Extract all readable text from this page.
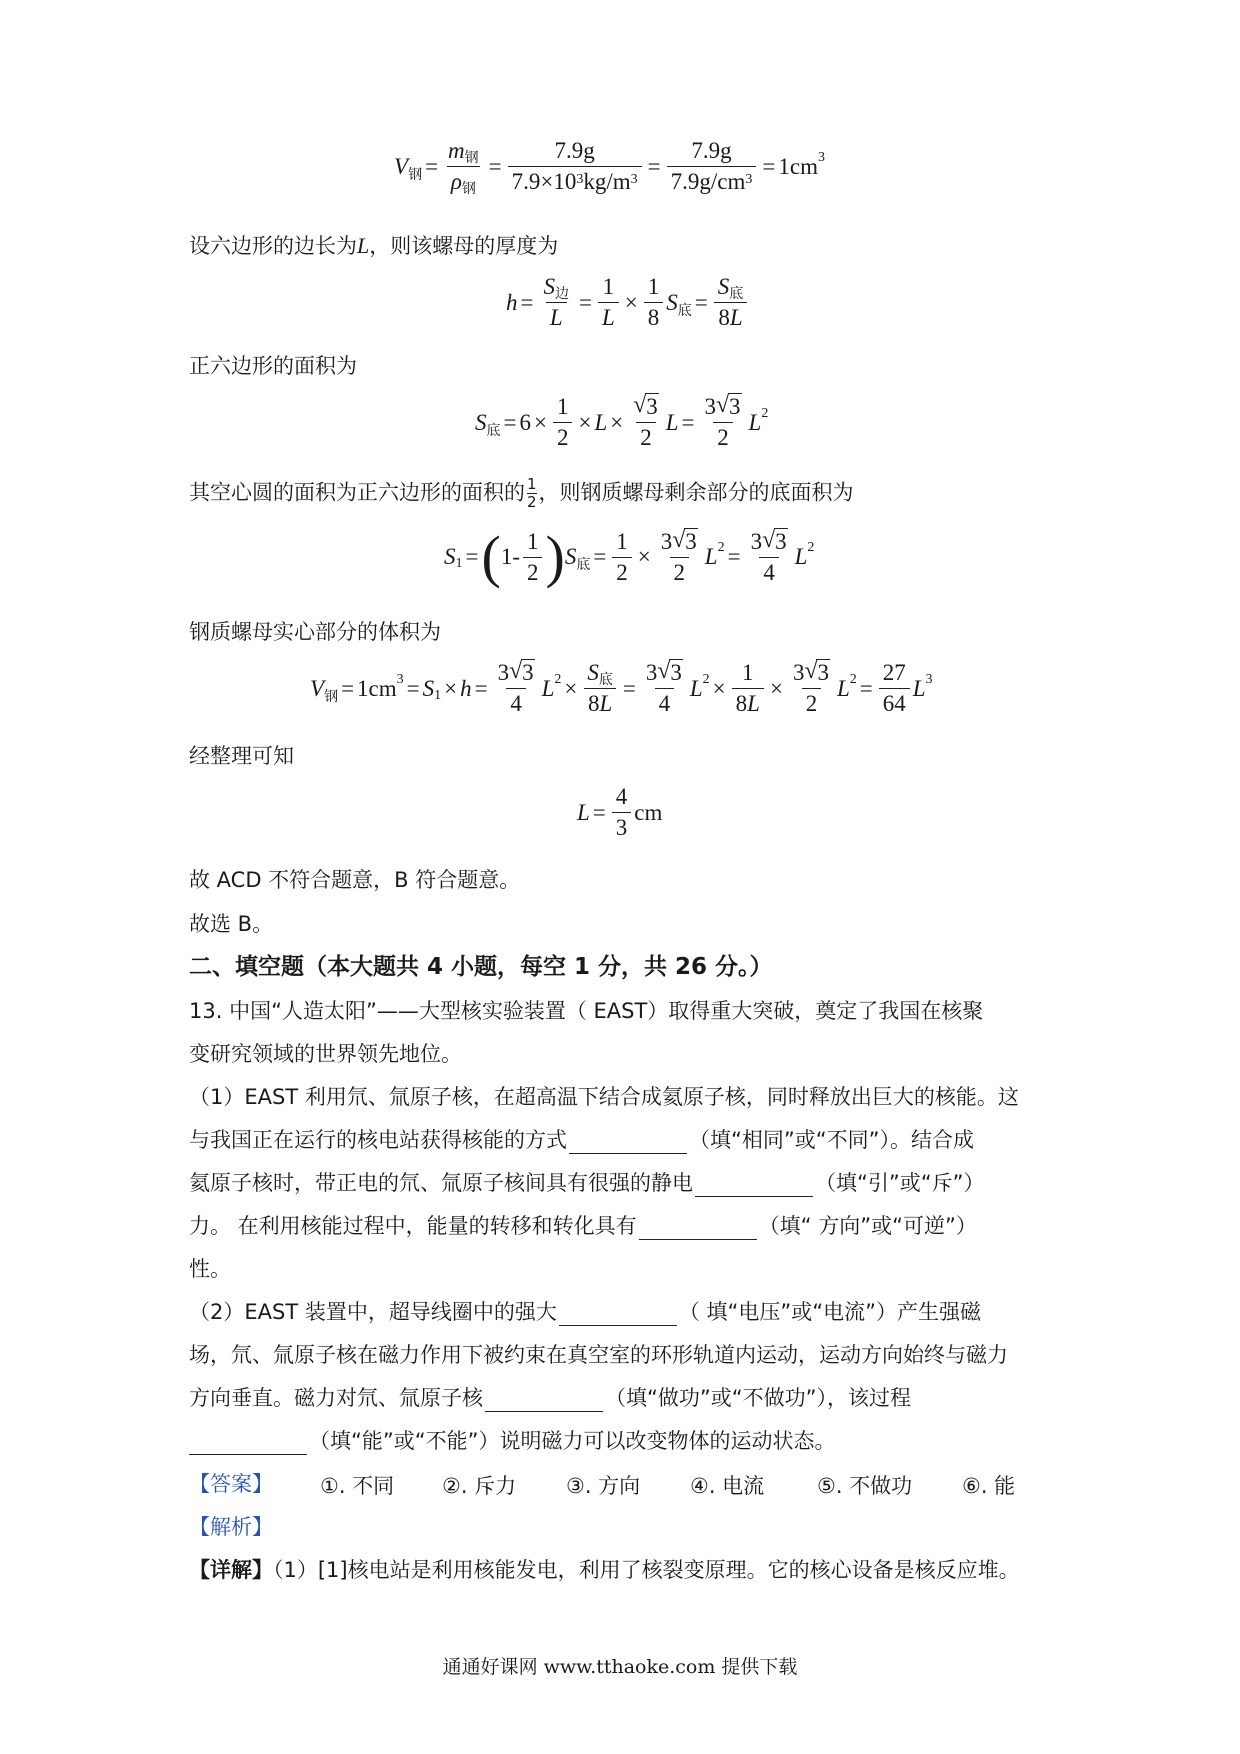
V 钢 = $\frac{\text{m钢}}{\text{ρ钢}} = \frac{7.9g}{7.9\times 10^3kg/m^3} = \frac{7.9g}{7.9g/cm^3} = 1cm$ 3
设六边形的边长为L，则该螺母的厚度为
$h = \frac{\text{S边}}{L} = \frac{1}{L} \times \frac{1}{8}$ S 底 = $\frac{\text{S底}}{8L}$
正六边形的面积为
S 底 = $6 \times \frac{1}{2} \times L$ × √ $\frac{3}{2}$ $L = \frac{3 √ 3}{2}$ L 2
其空心圆的面积为正六边形的面积的 $\frac{1}{2}$ ，则钢质螺母剩余部分的底面积为
S 1 = ( $1- \frac{1}{2}$ ) S 底 = $\frac{1}{2} \times \frac{3 √ 3}{2}$ L $2 = \frac{3 √ 3}{4}$ L 2
钢质螺母实心部分的体积为
V 钢 = 1cm 3 = S $1 \times h = \frac{3 √ 3}{4}$ L $2 \times \frac{\text{S底}}{8L} = \frac{3 √ 3}{4}$ L $2 \times \frac{1}{8L} \times \frac{3 √ 3}{2}$ L $2 = \frac{27}{64}$ L 3
经整理可知
$L = \frac{4}{3}$ cm
故 ACD 不符合题意，B 符合题意。
故选 B。
二、填空题（本大题共 4 小题，每空 1 分，共 26 分。）
13. 中国“人造太阳”——大型核实验装置（ EAST）取得重大突破，奠定了我国在核聚
变研究领域的世界领先地位。
（1）EAST 利用氘、氚原子核，在超高温下结合成氦原子核，同时释放出巨大的核能。这
与我国正在运行的核电站获得核能的方式	（填“相同”或“不同”）。结合成
氦原子核时，带正电的氘、氚原子核间具有很强的静电	（填“引”或“斥”）
力。 在利用核能过程中，能量的转移和转化具有	（填“ 方向”或“可逆”）
性。
（2）EAST 装置中，超导线圈中的强大	（ 填“电压”或“电流”）产生强磁
场，氘、氚原子核在磁力作用下被约束在真空室的环形轨道内运动，运动方向始终与磁力
方向垂直。磁力对氘、氚原子核	（填“做功”或“不做功”），该过程
（填“能”或“不能”）说明磁力可以改变物体的运动状态。
【答案】 ①. 不同 ②. 斥力 ③. 方向 ④. 电流	⑤. 不做功 ⑥. 能
【解析】
【详解】（1）[1]核电站是利用核能发电，利用了核裂变原理。它的核心设备是核反应堆。
通通好课网 www.tthaoke.com 提供下载
